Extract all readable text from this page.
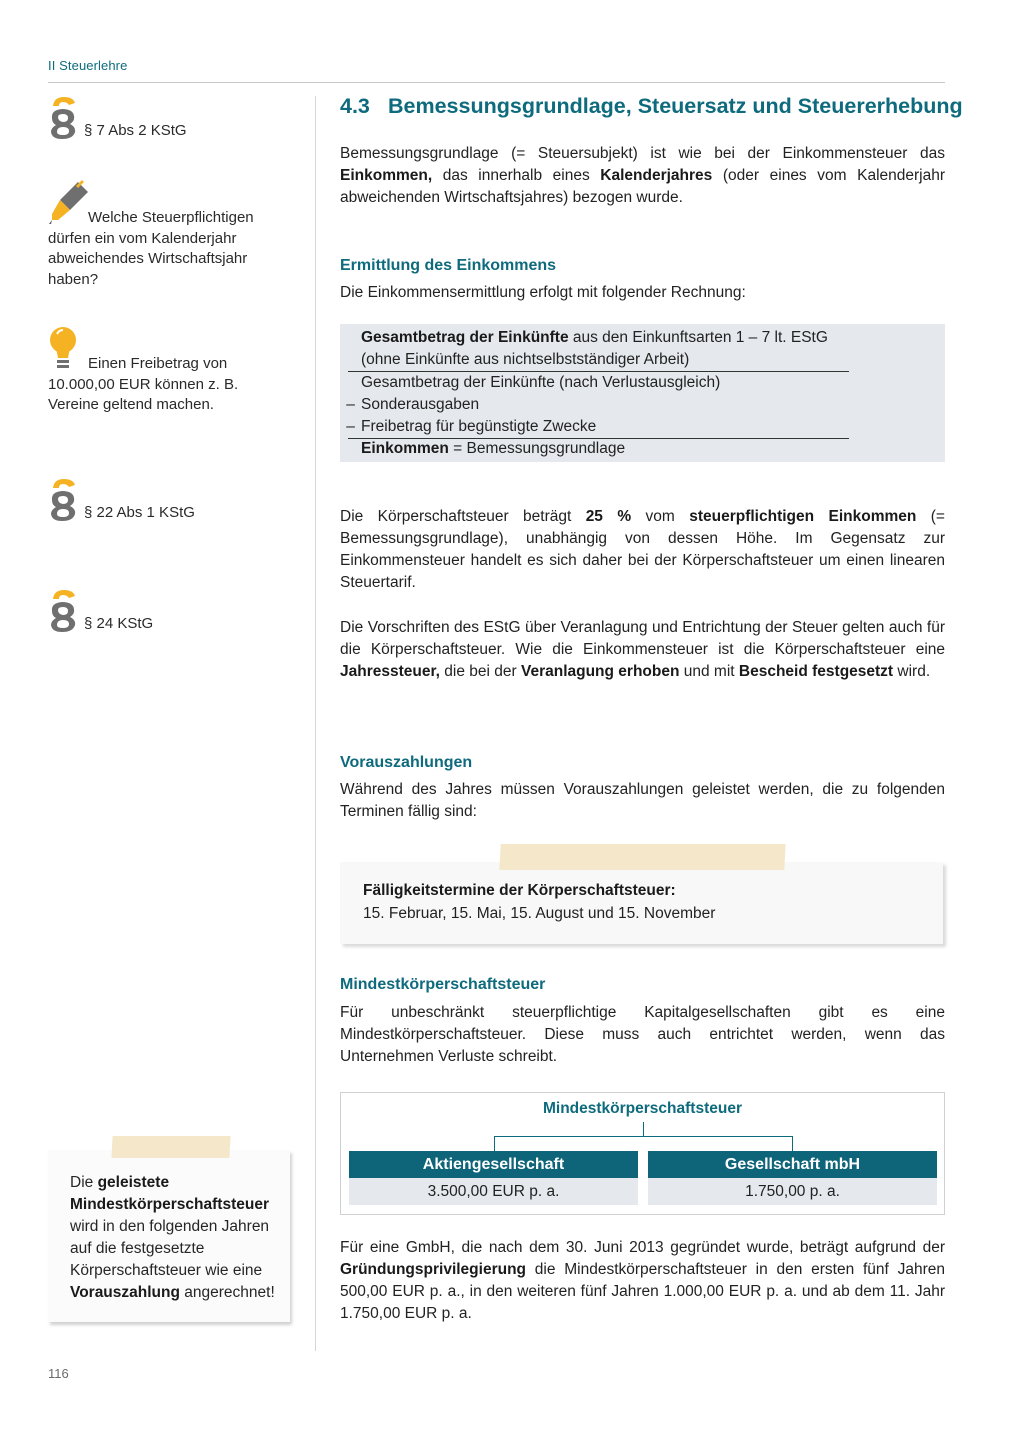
II Steuerlehre
§ 7 Abs 2 KStG
Welche Steuerpflichtigen dürfen ein vom Kalenderjahr abweichendes Wirtschaftsjahr haben?
Einen Freibetrag von 10.000,00 EUR können z. B. Vereine geltend machen.
§ 22 Abs 1 KStG
§ 24 KStG
Die geleistete Mindestkörperschaftsteuer wird in den folgenden Jahren auf die festgesetzte Körperschaftsteuer wie eine Vorauszahlung angerechnet!
116
4.3 Bemessungsgrundlage, Steuersatz und Steuererhebung

Bemessungsgrundlage (= Steuersubjekt) ist wie bei der Einkommensteuer das Einkommen, das innerhalb eines Kalenderjahres (oder eines vom Kalenderjahr abweichenden Wirtschaftsjahres) bezogen wurde.

Ermittlung des Einkommens

Die Einkommensermittlung erfolgt mit folgender Rechnung:

Gesamtbetrag der Einkünfte aus den Einkunftsarten 1 – 7 lt. EStG
(ohne Einkünfte aus nichtselbstständiger Arbeit)
Gesamtbetrag der Einkünfte (nach Verlustausgleich)
– Sonderausgaben
– Freibetrag für begünstigte Zwecke
Einkommen = Bemessungsgrundlage

Die Körperschaftsteuer beträgt 25 % vom steuerpflichtigen Einkommen (= Bemessungsgrundlage), unabhängig von dessen Höhe. Im Gegensatz zur Einkommensteuer handelt es sich daher bei der Körperschaftsteuer um einen linearen Steuertarif.

Die Vorschriften des EStG über Veranlagung und Entrichtung der Steuer gelten auch für die Körperschaftsteuer. Wie die Einkommensteuer ist die Körperschaftsteuer eine Jahressteuer, die bei der Veranlagung erhoben und mit Bescheid festgesetzt wird.

Vorauszahlungen

Während des Jahres müssen Vorauszahlungen geleistet werden, die zu folgenden Terminen fällig sind:

Fälligkeitstermine der Körperschaftsteuer:
15. Februar, 15. Mai, 15. August und 15. November
Mindestkörperschaftsteuer

Für unbeschränkt steuerpflichtige Kapitalgesellschaften gibt es eine Mindestkörperschaftsteuer. Diese muss auch entrichtet werden, wenn das Unternehmen Verluste schreibt.

Mindestkörperschaftsteuer
Aktiengesellschaft
3.500,00 EUR p. a.
Gesellschaft mbH
1.750,00 p. a.

Für eine GmbH, die nach dem 30. Juni 2013 gegründet wurde, beträgt aufgrund der Gründungsprivilegierung die Mindestkörperschaftsteuer in den ersten fünf Jahren 500,00 EUR p. a., in den weiteren fünf Jahren 1.000,00 EUR p. a. und ab dem 11. Jahr 1.750,00 EUR p. a.
